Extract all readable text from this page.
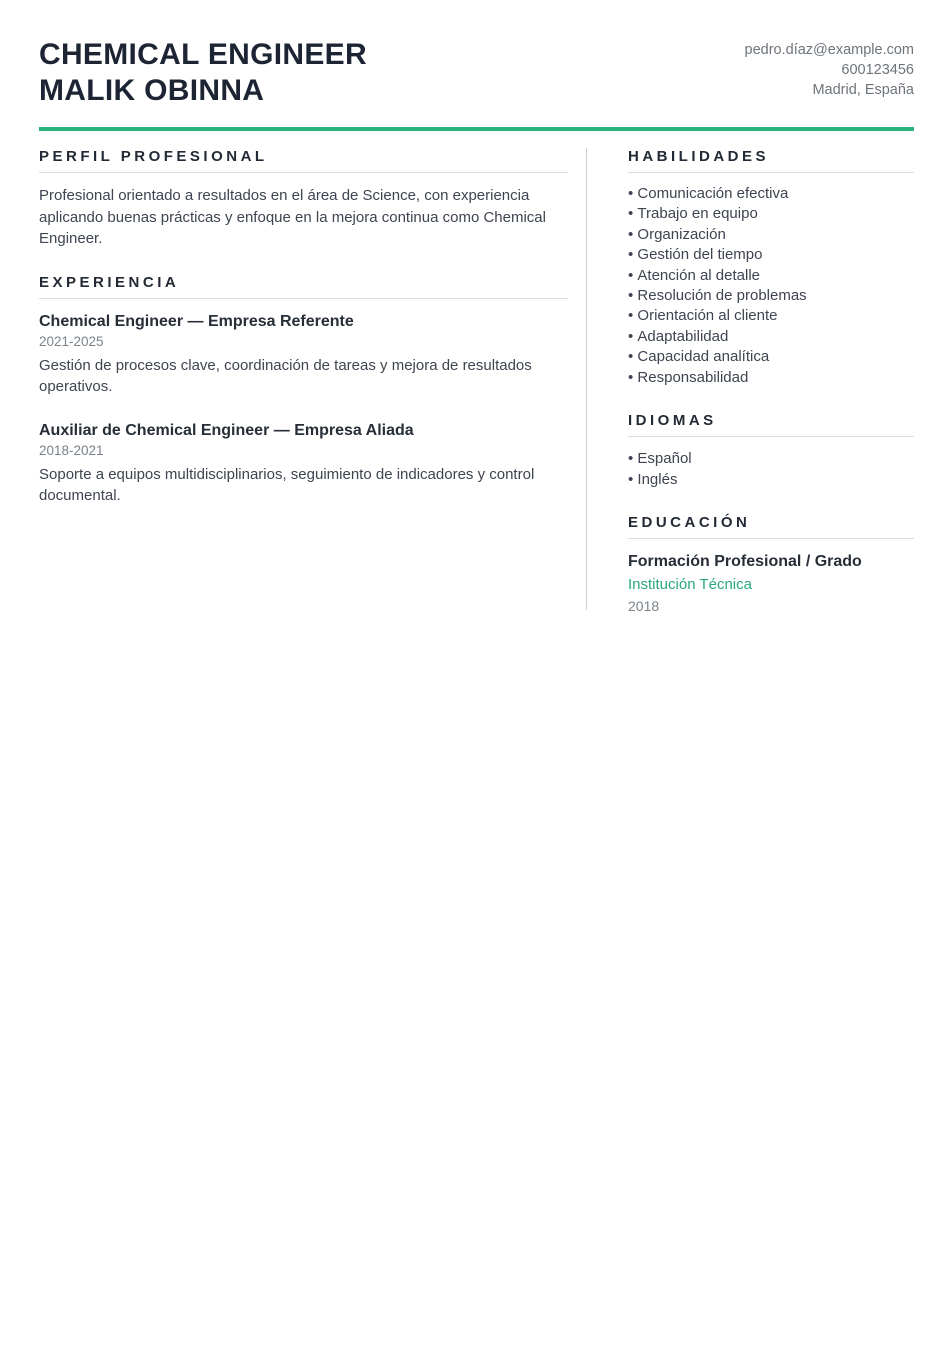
CHEMICAL ENGINEER
MALIK OBINNA
pedro.díaz@example.com
600123456
Madrid, España
PERFIL PROFESIONAL
Profesional orientado a resultados en el área de Science, con experiencia aplicando buenas prácticas y enfoque en la mejora continua como Chemical Engineer.
EXPERIENCIA
Chemical Engineer — Empresa Referente
2021-2025
Gestión de procesos clave, coordinación de tareas y mejora de resultados operativos.
Auxiliar de Chemical Engineer — Empresa Aliada
2018-2021
Soporte a equipos multidisciplinarios, seguimiento de indicadores y control documental.
HABILIDADES
• Comunicación efectiva
• Trabajo en equipo
• Organización
• Gestión del tiempo
• Atención al detalle
• Resolución de problemas
• Orientación al cliente
• Adaptabilidad
• Capacidad analítica
• Responsabilidad
IDIOMAS
• Español
• Inglés
EDUCACIÓN
Formación Profesional / Grado
Institución Técnica
2018
